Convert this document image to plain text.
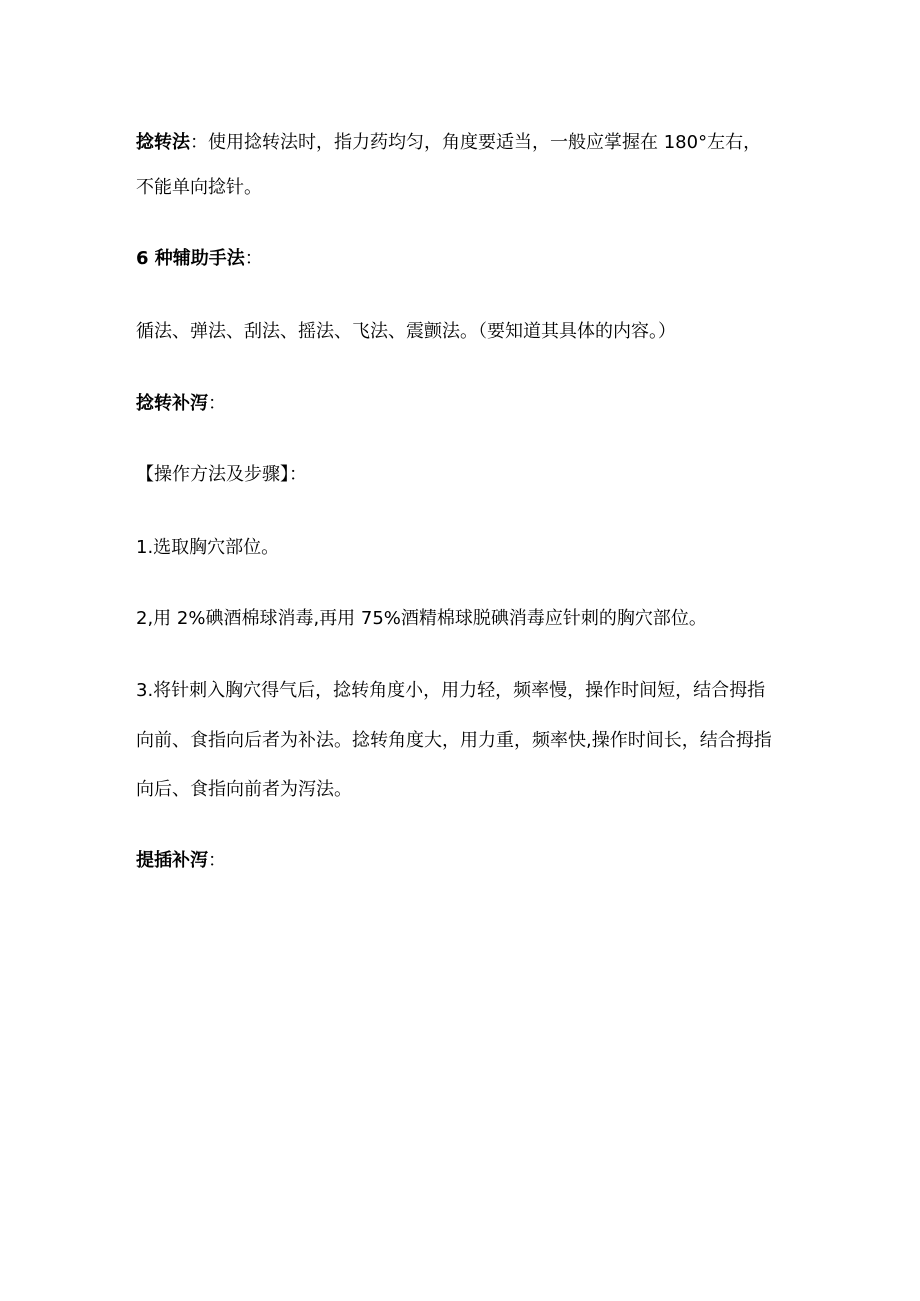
捻转法：使用捻转法时，指力药均匀，角度要适当，一般应掌握在 180°左右，
不能单向捻针。
6 种辅助手法：
循法、弹法、刮法、摇法、飞法、震颤法。（要知道其具体的内容。）
捻转补泻：
【操作方法及步骤】：
1.选取胸穴部位。
2,用 2%碘酒棉球消毒,再用 75%酒精棉球脱碘消毒应针刺的胸穴部位。
3.将针刺入胸穴得气后，捻转角度小，用力轻，频率慢，操作时间短，结合拇指
向前、食指向后者为补法。捻转角度大，用力重，频率快,操作时间长，结合拇指
向后、食指向前者为泻法。
提插补泻：
